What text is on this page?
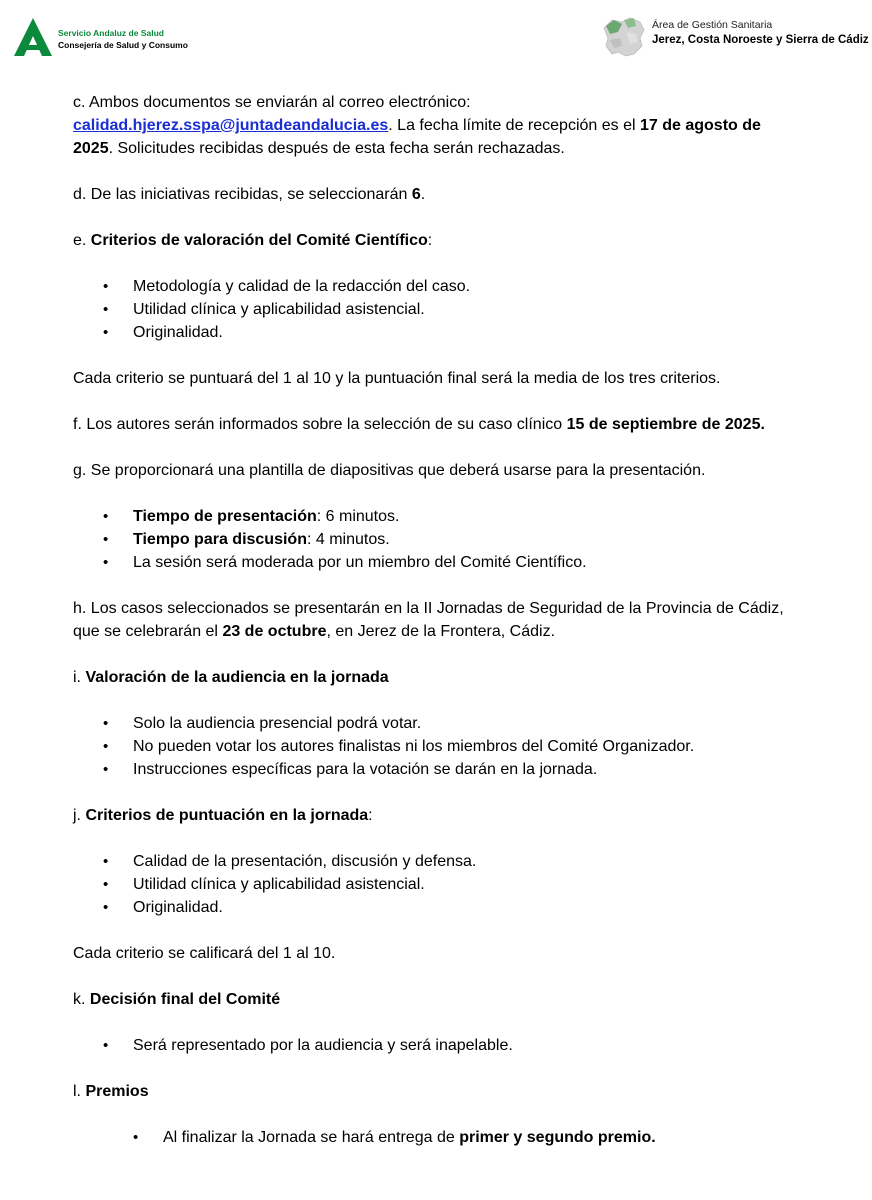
Servicio Andaluz de Salud
Consejería de Salud y Consumo
Área de Gestión Sanitaria
Jerez, Costa Noroeste y Sierra de Cádiz

c. Ambos documentos se enviarán al correo electrónico:
calidad.hjerez.sspa@juntadeandalucia.es. La fecha límite de recepción es el 17 de agosto de 2025. Solicitudes recibidas después de esta fecha serán rechazadas.

d. De las iniciativas recibidas, se seleccionarán 6.

e. Criterios de valoración del Comité Científico:

• Metodología y calidad de la redacción del caso.
• Utilidad clínica y aplicabilidad asistencial.
• Originalidad.

Cada criterio se puntuará del 1 al 10 y la puntuación final será la media de los tres criterios.

f. Los autores serán informados sobre la selección de su caso clínico 15 de septiembre de 2025.

g. Se proporcionará una plantilla de diapositivas que deberá usarse para la presentación.

• Tiempo de presentación: 6 minutos.
• Tiempo para discusión: 4 minutos.
• La sesión será moderada por un miembro del Comité Científico.

h. Los casos seleccionados se presentarán en la II Jornadas de Seguridad de la Provincia de Cádiz, que se celebrarán el 23 de octubre, en Jerez de la Frontera, Cádiz.

i. Valoración de la audiencia en la jornada

• Solo la audiencia presencial podrá votar.
• No pueden votar los autores finalistas ni los miembros del Comité Organizador.
• Instrucciones específicas para la votación se darán en la jornada.

j. Criterios de puntuación en la jornada:

• Calidad de la presentación, discusión y defensa.
• Utilidad clínica y aplicabilidad asistencial.
• Originalidad.

Cada criterio se calificará del 1 al 10.

k. Decisión final del Comité

• Será representado por la audiencia y será inapelable.

l. Premios

• Al finalizar la Jornada se hará entrega de primer y segundo premio.
